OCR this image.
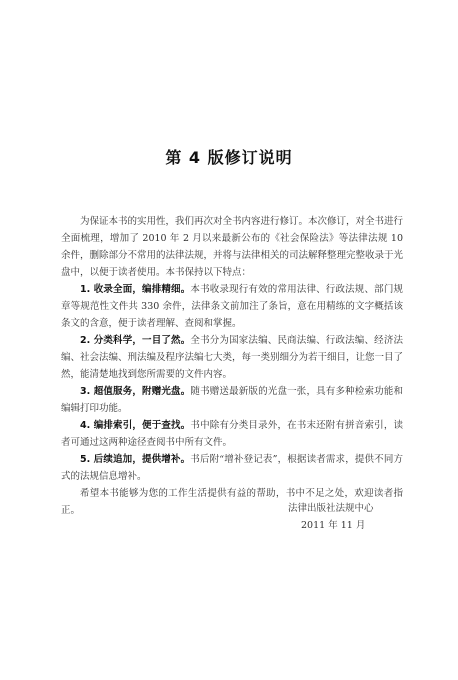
第 4 版修订说明

为保证本书的实用性，我们再次对全书内容进行修订。本次修订，对全书进行全面梳理，增加了 2010 年 2 月以来最新公布的《社会保险法》等法律法规 10 余件，删除部分不常用的法律法规，并将与法律相关的司法解释整理完整收录于光盘中，以便于读者使用。本书保持以下特点：

1. 收录全面，编排精细。本书收录现行有效的常用法律、行政法规、部门规章等规范性文件共 330 余件，法律条文前加注了条旨，意在用精练的文字概括该条文的含意，便于读者理解、查阅和掌握。

2. 分类科学，一目了然。全书分为国家法编、民商法编、行政法编、经济法编、社会法编、刑法编及程序法编七大类，每一类别细分为若干细目，让您一目了然，能清楚地找到您所需要的文件内容。

3. 超值服务，附赠光盘。随书赠送最新版的光盘一张，具有多种检索功能和编辑打印功能。

4. 编排索引，便于查找。书中除有分类目录外，在书末还附有拼音索引，读者可通过这两种途径查阅书中所有文件。

5. 后续追加，提供增补。书后附“增补登记表”，根据读者需求，提供不同方式的法规信息增补。

希望本书能够为您的工作生活提供有益的帮助，书中不足之处，欢迎读者指正。	法律出版社法规中心
2011 年 11 月
